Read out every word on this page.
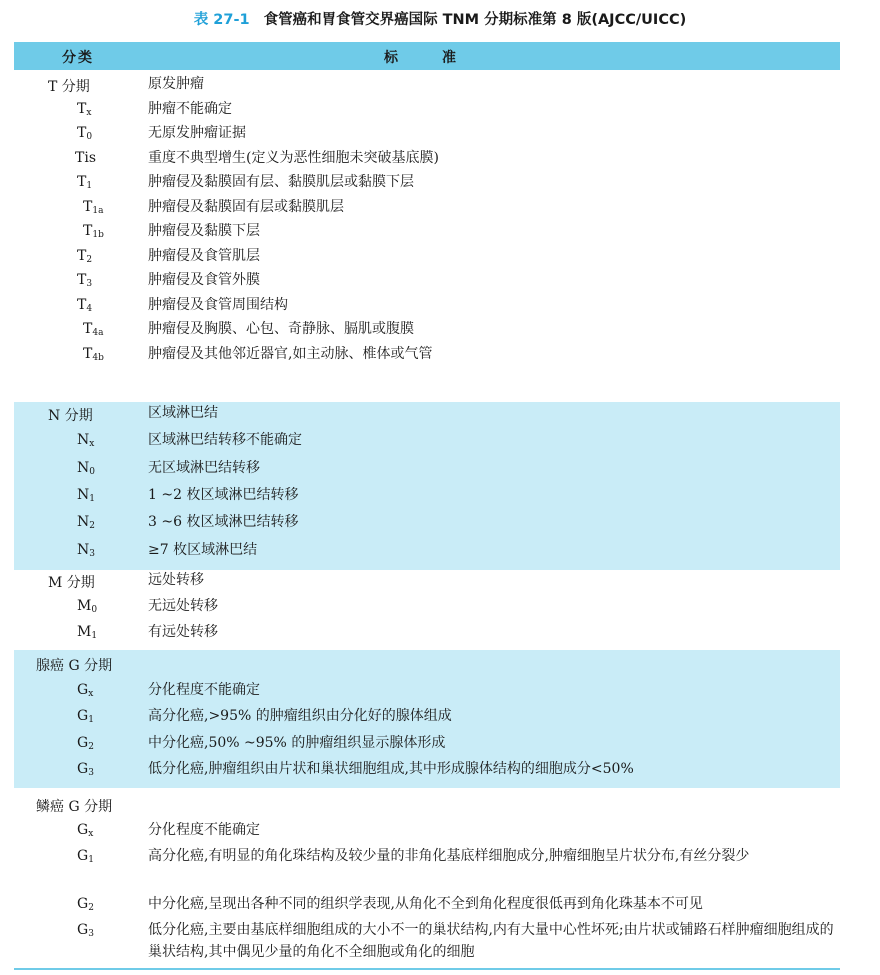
表 27-1 食管癌和胃食管交界癌国际 TNM 分期标准第 8 版(AJCC/UICC)
分类	标	准
T 分期	原发肿瘤
$T_x$	肿瘤不能确定
$T_0$	无原发肿瘤证据
Tis	重度不典型增生(定义为恶性细胞未突破基底膜)
$T_1$	肿瘤侵及黏膜固有层、黏膜肌层或黏膜下层
$T_{1a}$	肿瘤侵及黏膜固有层或黏膜肌层
$T_{1b}$	肿瘤侵及黏膜下层
$T_2$	肿瘤侵及食管肌层
$T_3$	肿瘤侵及食管外膜
$T_4$	肿瘤侵及食管周围结构
$T_{4a}$	肿瘤侵及胸膜、心包、奇静脉、膈肌或腹膜
$T_{4b}$	肿瘤侵及其他邻近器官,如主动脉、椎体或气管
N 分期	区域淋巴结
$N_x$	区域淋巴结转移不能确定
$N_0$	无区域淋巴结转移
$N_1$	1 ~2 枚区域淋巴结转移
$N_2$	3 ~6 枚区域淋巴结转移
$N_3$	≥7 枚区域淋巴结
M 分期	远处转移
$M_0$	无远处转移
$M_1$	有远处转移
腺癌 G 分期
$G_x$	分化程度不能确定
$G_1$	高分化癌,>95% 的肿瘤组织由分化好的腺体组成
$G_2$	中分化癌,50% ~95% 的肿瘤组织显示腺体形成
$G_3$	低分化癌,肿瘤组织由片状和巢状细胞组成,其中形成腺体结构的细胞成分<50%
鳞癌 G 分期
$G_x$	分化程度不能确定
$G_1$	高分化癌,有明显的角化珠结构及较少量的非角化基底样细胞成分,肿瘤细胞呈片状分布,有丝分裂少
$G_2$	中分化癌,呈现出各种不同的组织学表现,从角化不全到角化程度很低再到角化珠基本不可见
$G_3$	低分化癌,主要由基底样细胞组成的大小不一的巢状结构,内有大量中心性坏死;由片状或铺路石样肿瘤细胞组成的巢状结构,其中偶见少量的角化不全细胞或角化的细胞
